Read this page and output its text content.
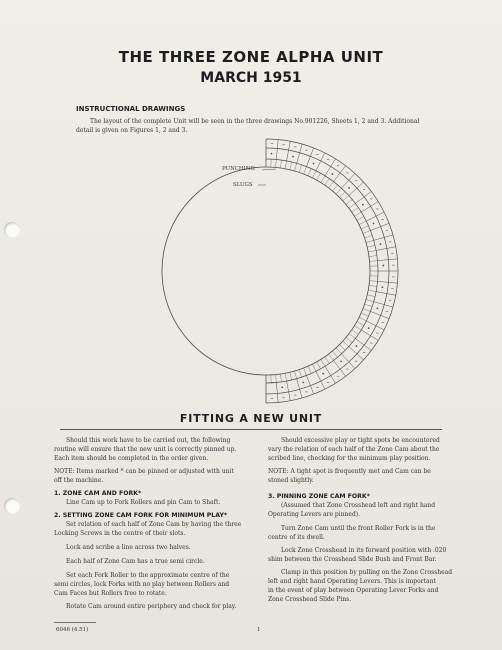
THE THREE ZONE ALPHA UNIT
MARCH 1951
INSTRUCTIONAL DRAWINGS
The layout of the complete Unit will be seen in the three drawings No.901226, Sheets 1, 2 and 3. Additional
detail is given on Figures 1, 2 and 3.
PUNCHING
SLUGS
FITTING A NEW UNIT
Should this work have to be carried out, the following
routine will ensure that the new unit is correctly pinned up.
Each item should be completed in the order given.
NOTE: Items marked * can be pinned or adjusted with unit
off the machine.
1. ZONE CAM AND FORK*
Line Cam up to Fork Rollers and pin Cam to Shaft.
2. SETTING ZONE CAM FORK FOR MINIMUM PLAY*
Set relation of each half of Zone Cam by having the three
Locking Screws in the centre of their slots.
Lock and scribe a line across two halves.
Each half of Zone Cam has a true semi circle.
Set each Fork Roller to the approximate centre of the
semi circles, lock Forks with no play between Rollers and
Cam Faces but Rollers free to rotate.
Rotate Cam around entire periphery and check for play.
Should excessive play or tight spots be encountered
vary the relation of each half of the Zone Cam about the
scribed line, checking for the minimum play position.
NOTE: A tight spot is frequently met and Cam can be
stoned slightly.
3. PINNING ZONE CAM FORK*
(Assumed that Zone Crosshead left and right hand
Operating Levers are pinned).
Turn Zone Cam until the front Roller Fork is in the
centre of its dwell.
Lock Zone Crosshead in its forward position with .020
shim between the Crosshead Slide Bush and Front Bar.
Clamp in this position by pulling on the Zone Crosshead
left and right hand Operating Levers. This is important
in the event of play between Operating Lever Forks and
Zone Crosshead Slide Pins.
6046 (4.51)	1
